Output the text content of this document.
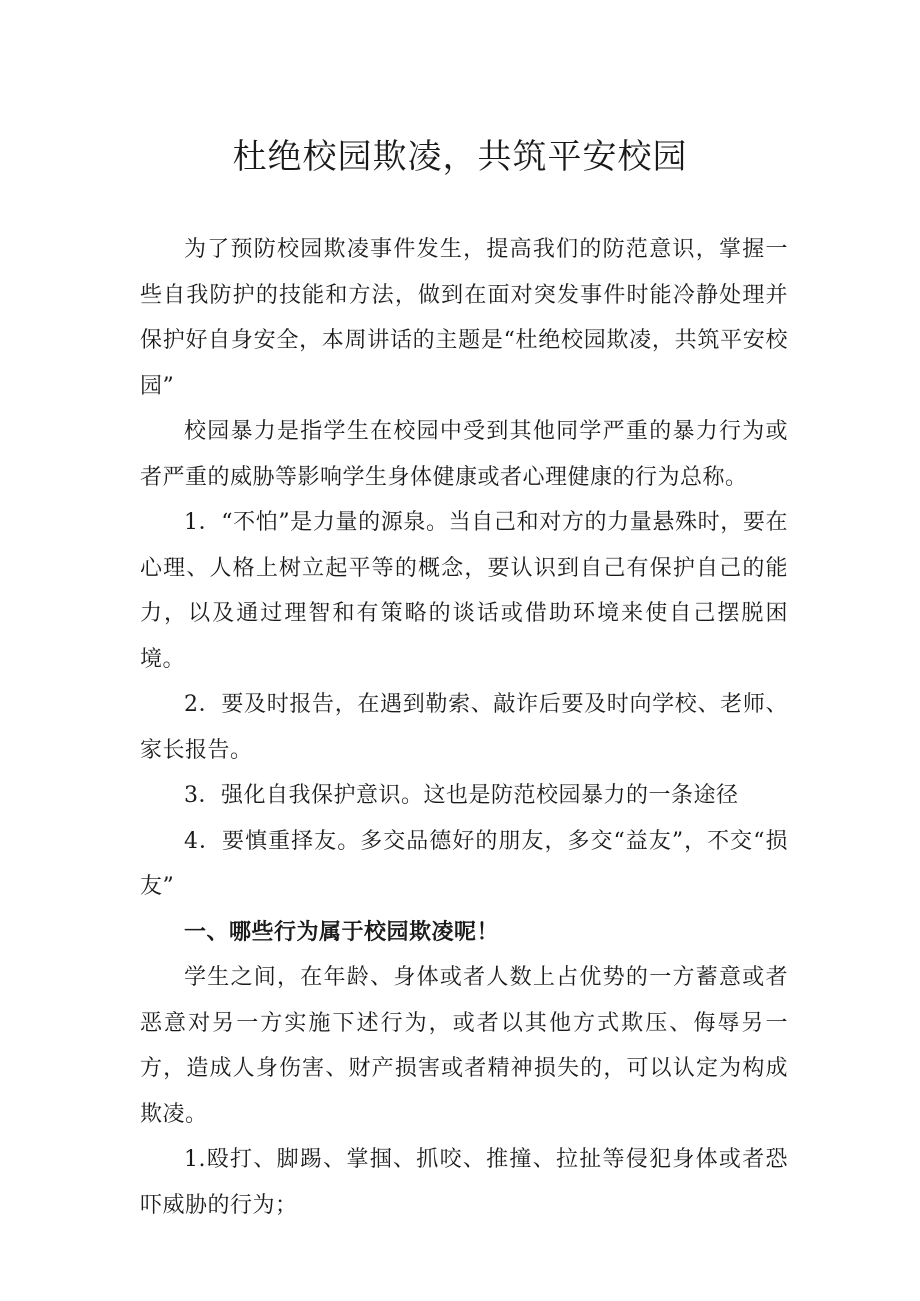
杜绝校园欺凌，共筑平安校园

为了预防校园欺凌事件发生，提高我们的防范意识，掌握一些自我防护的技能和方法，做到在面对突发事件时能冷静处理并保护好自身安全，本周讲话的主题是“杜绝校园欺凌，共筑平安校园”

校园暴力是指学生在校园中受到其他同学严重的暴力行为或者严重的威胁等影响学生身体健康或者心理健康的行为总称。

1．“不怕”是力量的源泉。当自己和对方的力量悬殊时，要在心理、人格上树立起平等的概念，要认识到自己有保护自己的能力，以及通过理智和有策略的谈话或借助环境来使自己摆脱困境。

2．要及时报告，在遇到勒索、敲诈后要及时向学校、老师、家长报告。

3．强化自我保护意识。这也是防范校园暴力的一条途径

4．要慎重择友。多交品德好的朋友，多交“益友”，不交“损友”

一、哪些行为属于校园欺凌呢！

学生之间，在年龄、身体或者人数上占优势的一方蓄意或者恶意对另一方实施下述行为，或者以其他方式欺压、侮辱另一方，造成人身伤害、财产损害或者精神损失的，可以认定为构成欺凌。

1.殴打、脚踢、掌掴、抓咬、推撞、拉扯等侵犯身体或者恐吓威胁的行为；
